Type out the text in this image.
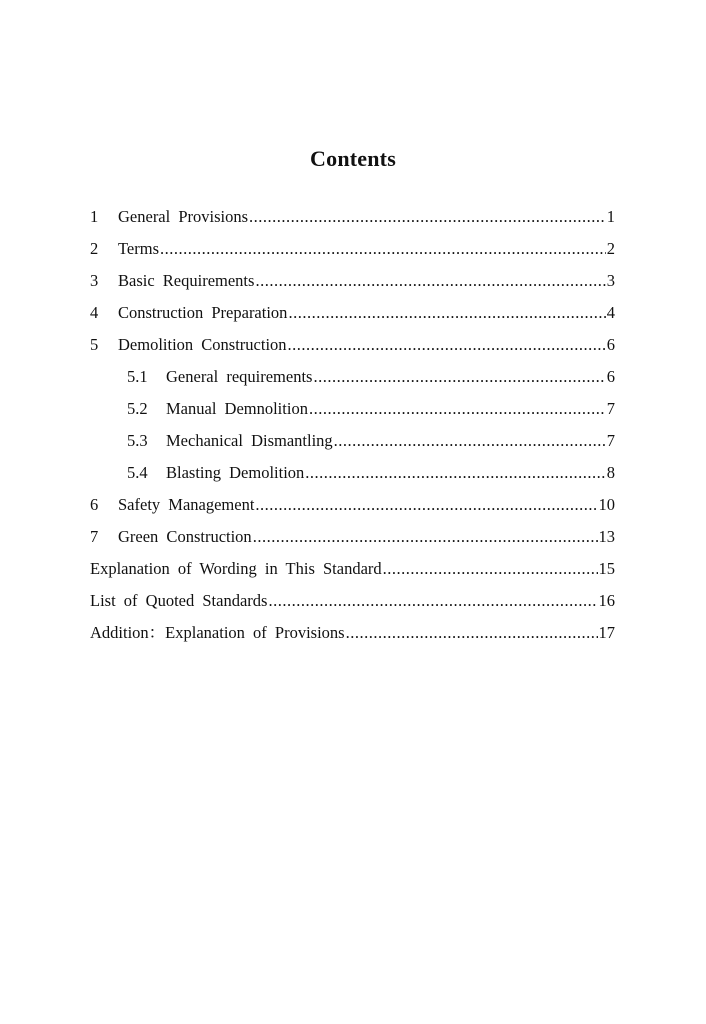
Contents
1	General Provisions .....	1
2	Terms .....	2
3	Basic Requirements .....	3
4	Construction Preparation .....	4
5	Demolition Construction .....	6
5.1	General requirements .....	6
5.2	Manual Demnolition .....	7
5.3	Mechanical Dismantling .....	7
5.4	Blasting Demolition .....	8
6	Safety Management .....	10
7	Green Construction .....	13
Explanation of Wording in This Standard .....	15
List of Quoted Standards .....	16
Addition：Explanation of Provisions .....	17
